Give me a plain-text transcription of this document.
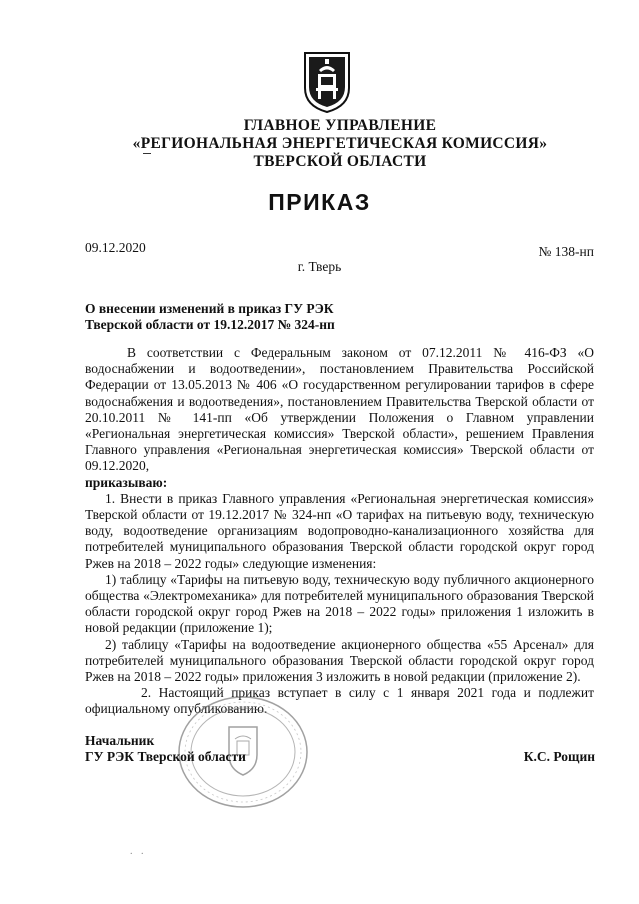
ГЛАВНОЕ УПРАВЛЕНИЕ
«РЕГИОНАЛЬНАЯ ЭНЕРГЕТИЧЕСКАЯ КОМИССИЯ»
ТВЕРСКОЙ ОБЛАСТИ
ПРИКАЗ
09.12.2020	№ 138-нп
г. Тверь
О внесении изменений в приказ ГУ РЭК
Тверской области от 19.12.2017 № 324-нп

В соответствии с Федеральным законом от 07.12.2011 № 416-ФЗ «О водоснабжении и водоотведении», постановлением Правительства Российской Федерации от 13.05.2013 № 406 «О государственном регулировании тарифов в сфере водоснабжения и водоотведения», постановлением Правительства Тверской области от 20.10.2011 № 141-пп «Об утверждении Положения о Главном управлении «Региональная энергетическая комиссия» Тверской области», решением Правления Главного управления «Региональная энергетическая комиссия» Тверской области от 09.12.2020,

приказываю:

1. Внести в приказ Главного управления «Региональная энергетическая комиссия» Тверской области от 19.12.2017 № 324-нп «О тарифах на питьевую воду, техническую воду, водоотведение организациям водопроводно-канализационного хозяйства для потребителей муниципального образования Тверской области городской округ город Ржев на 2018 – 2022 годы» следующие изменения:

1) таблицу «Тарифы на питьевую воду, техническую воду публичного акционерного общества «Электромеханика» для потребителей муниципального образования Тверской области городской округ город Ржев на 2018 – 2022 годы» приложения 1 изложить в новой редакции (приложение 1);

2) таблицу «Тарифы на водоотведение акционерного общества «55 Арсенал» для потребителей муниципального образования Тверской области городской округ город Ржев на 2018 – 2022 годы» приложения 3 изложить в новой редакции (приложение 2).

2. Настоящий приказ вступает в силу с 1 января 2021 года и подлежит официальному опубликованию.

Начальник
ГУ РЭК Тверской области	К.С. Рощин
. .
